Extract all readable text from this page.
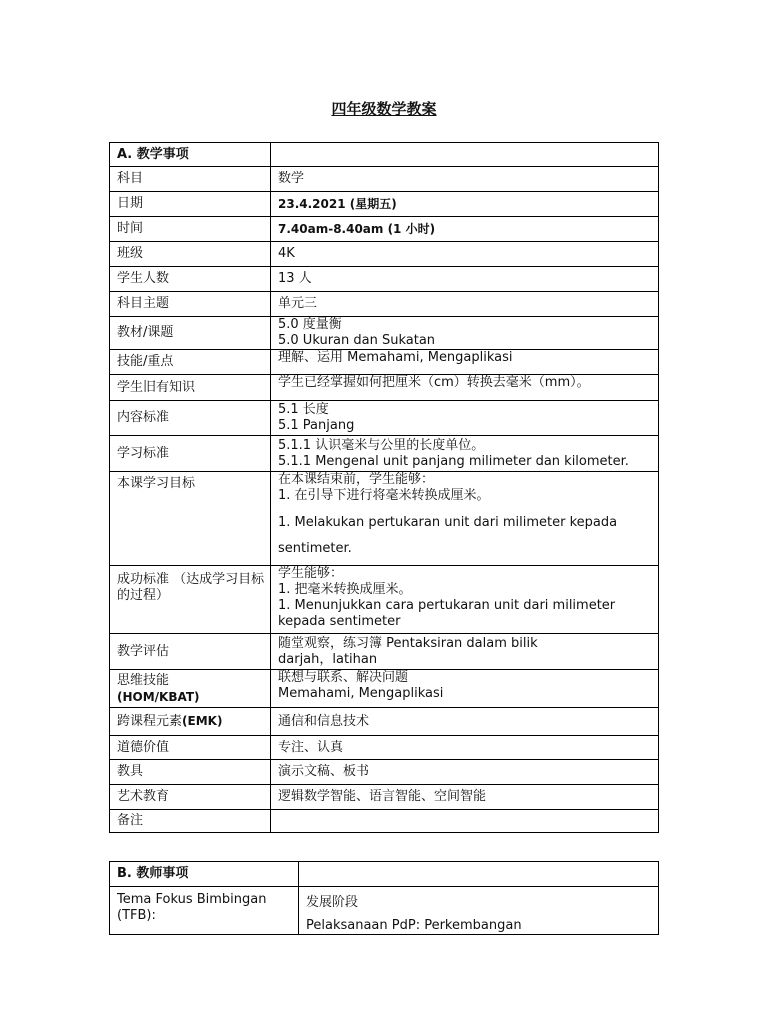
四年级数学教案
A. 教学事项	
科目	数学
日期	23.4.2021 (星期五)
时间	7.40am-8.40am (1 小时)
班级	4K
学生人数	13 人
科目主题	单元三
教材/课题	5.0 度量衡
5.0 Ukuran dan Sukatan

技能/重点	理解、运用 Memahami, Mengaplikasi
学生旧有知识	学生已经掌握如何把厘米（cm）转换去毫米（mm）。
内容标准	5.1 长度
5.1 Panjang

学习标准	5.1.1 认识毫米与公里的长度单位。
5.1.1 Mengenal unit panjang milimeter dan kilometer.

本课学习目标	在本课结束前，学生能够：
1. 在引导下进行将毫米转换成厘米。
1. Melakukan pertukaran unit dari milimeter kepada
sentimeter.

成功标准 （达成学习目标的过程）	学生能够：
1. 把毫米转换成厘米。
1. Menunjukkan cara pertukaran unit dari milimeter
kepada sentimeter

教学评估	随堂观察，练习簿 Pentaksiran dalam bilik
darjah，latihan

思维技能
(HOM/KBAT)	联想与联系、解决问题
Memahami, Mengaplikasi

跨课程元素(EMK)	通信和信息技术
道德价值	专注、认真
教具	演示文稿、板书
艺术教育	逻辑数学智能、语言智能、空间智能
备注	
B. 教师事项	
Tema Fokus Bimbingan (TFB):	发展阶段
Pelaksanaan PdP: Perkembangan
